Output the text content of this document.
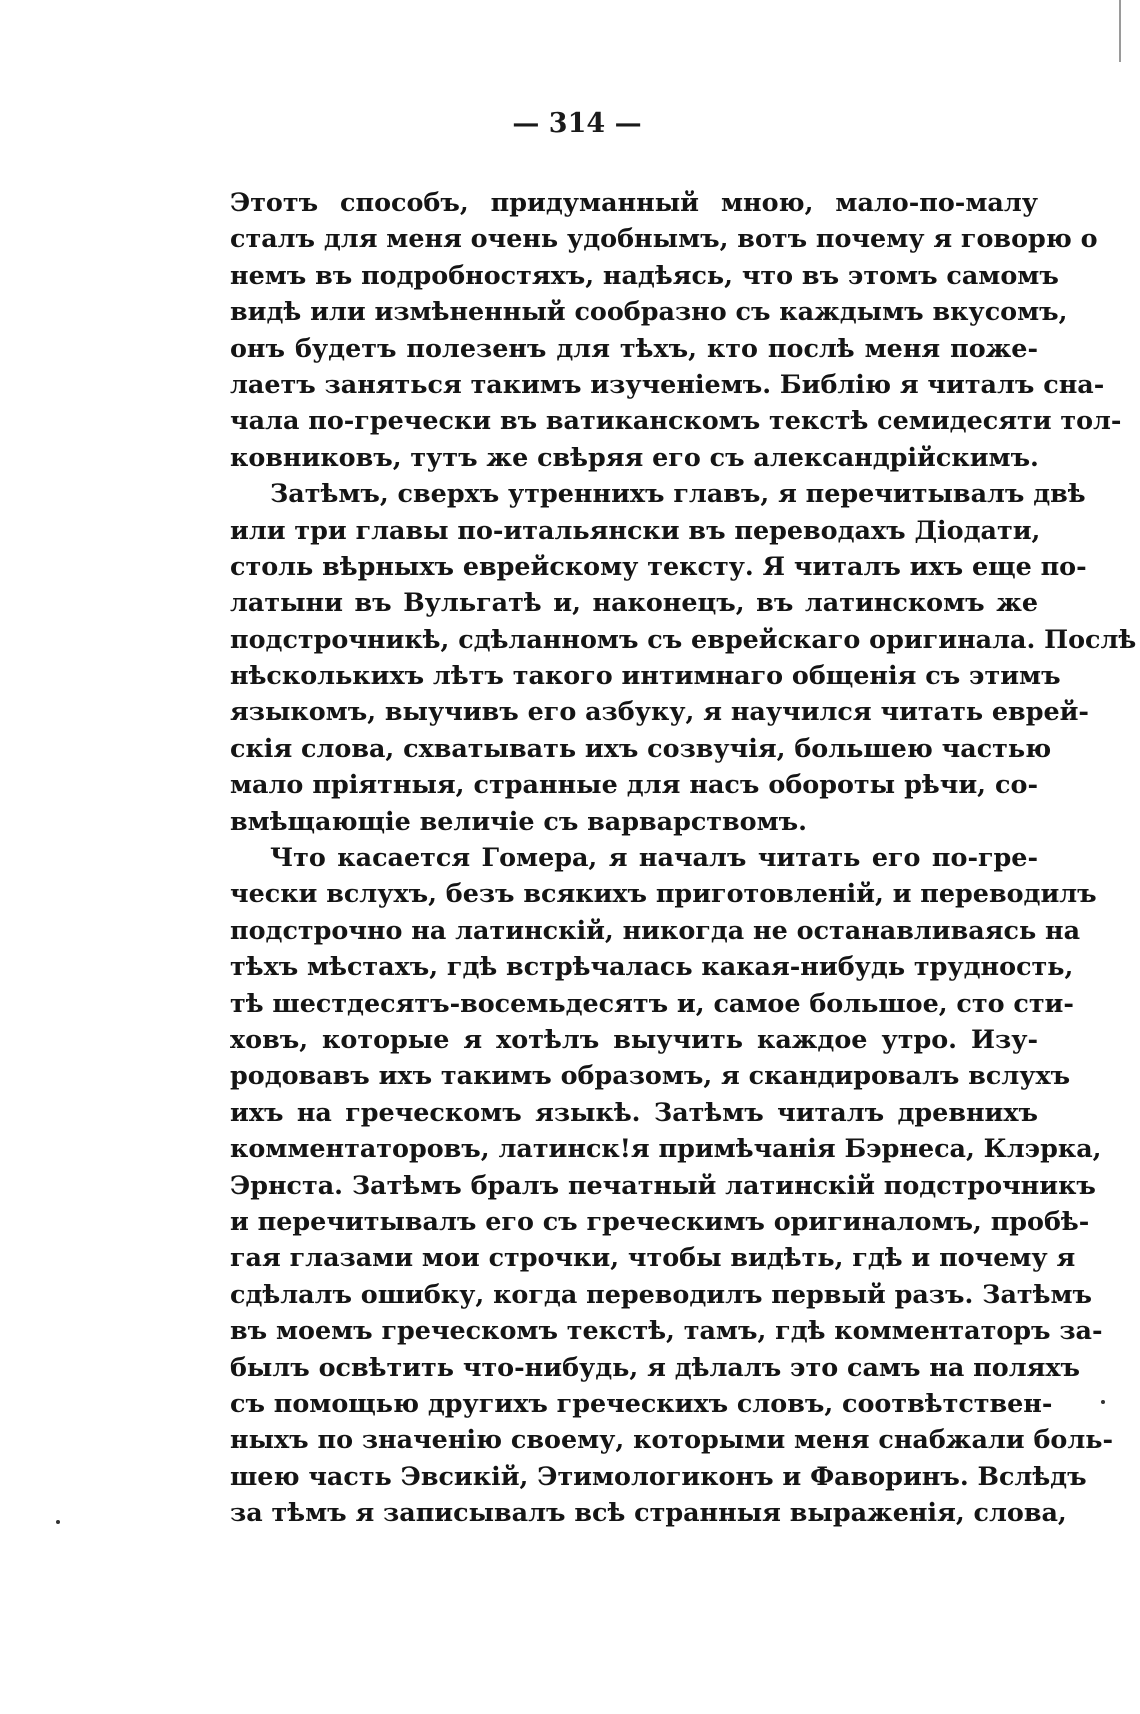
— 314 —
Этотъ способъ, придуманный мною, мало-по-малу
сталъ для меня очень удобнымъ, вотъ почему я говорю о
немъ въ подробностяхъ, надѣясь, что въ этомъ самомъ
видѣ или измѣненный сообразно съ каждымъ вкусомъ,
онъ будетъ полезенъ для тѣхъ, кто послѣ меня поже-
лаетъ заняться такимъ изученіемъ. Библію я читалъ сна-
чала по-гречески въ ватиканскомъ текстѣ семидесяти тол-
ковниковъ, тутъ же свѣряя его съ александрійскимъ.
Затѣмъ, сверхъ утреннихъ главъ, я перечитывалъ двѣ
или три главы по-итальянски въ переводахъ Діодати,
столь вѣрныхъ еврейскому тексту. Я читалъ ихъ еще по-
латыни въ Вульгатѣ и, наконецъ, въ латинскомъ же
подстрочникѣ, сдѣланномъ съ еврейскаго оригинала. Послѣ
нѣсколькихъ лѣтъ такого интимнаго общенія съ этимъ
языкомъ, выучивъ его азбуку, я научился читать еврей-
скія слова, схватывать ихъ созвучія, большею частью
мало пріятныя, странные для насъ обороты рѣчи, со-
вмѣщающіе величіе съ варварствомъ.
Что касается Гомера, я началъ читать его по-гре-
чески вслухъ, безъ всякихъ приготовленій, и переводилъ
подстрочно на латинскій, никогда не останавливаясь на
тѣхъ мѣстахъ, гдѣ встрѣчалась какая-нибудь трудность,
тѣ шестдесятъ-восемьдесятъ и, самое большое, сто сти-
ховъ, которые я хотѣлъ выучить каждое утро. Изу-
родовавъ ихъ такимъ образомъ, я скандировалъ вслухъ
ихъ на греческомъ языкѣ. Затѣмъ читалъ древнихъ
комментаторовъ, латинск!я примѣчанія Бэрнеса, Клэрка,
Эрнста. Затѣмъ бралъ печатный латинскій подстрочникъ
и перечитывалъ его съ греческимъ оригиналомъ, пробѣ-
гая глазами мои строчки, чтобы видѣть, гдѣ и почему я
сдѣлалъ ошибку, когда переводилъ первый разъ. Затѣмъ
въ моемъ греческомъ текстѣ, тамъ, гдѣ комментаторъ за-
былъ освѣтить что-нибудь, я дѣлалъ это самъ на поляхъ
съ помощью другихъ греческихъ словъ, соотвѣтствен-
ныхъ по значенію своему, которыми меня снабжали боль-
шею часть Эвсикій, Этимологиконъ и Фаворинъ. Вслѣдъ
за тѣмъ я записывалъ всѣ странныя выраженія, слова,
